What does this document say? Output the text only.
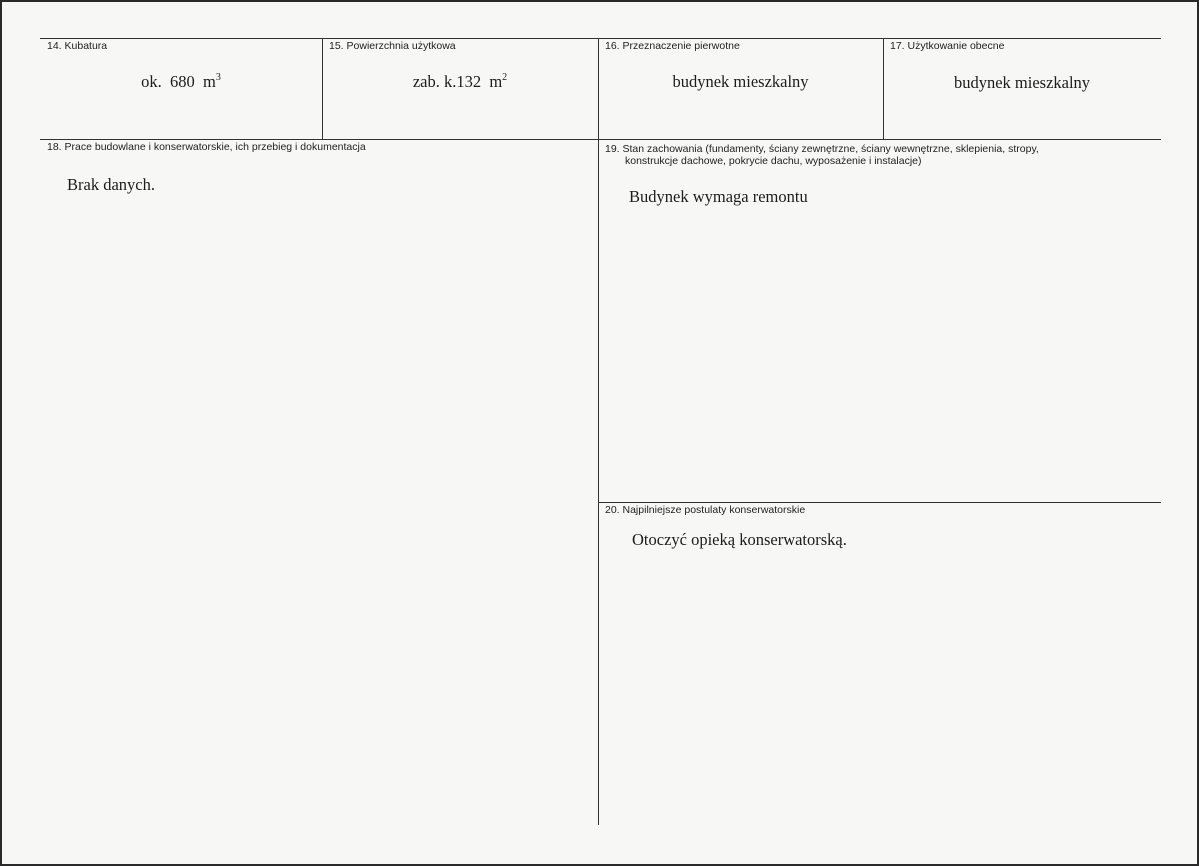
14. Kubatura
ok.  680  $m^3$
15. Powierzchnia użytkowa
zab. k.132  $m^2$
16. Przeznaczenie pierwotne
budynek mieszkalny
17. Użytkowanie obecne
budynek mieszkalny
18. Prace budowlane i konserwatorskie, ich przebieg i dokumentacja
Brak danych.
19. Stan zachowania (fundamenty, ściany zewnętrzne, ściany wewnętrzne, sklepienia, stropy,
konstrukcje dachowe, pokrycie dachu, wyposażenie i instalacje)
Budynek wymaga remontu
20. Najpilniejsze postulaty konserwatorskie
Otoczyć opieką konserwatorską.
